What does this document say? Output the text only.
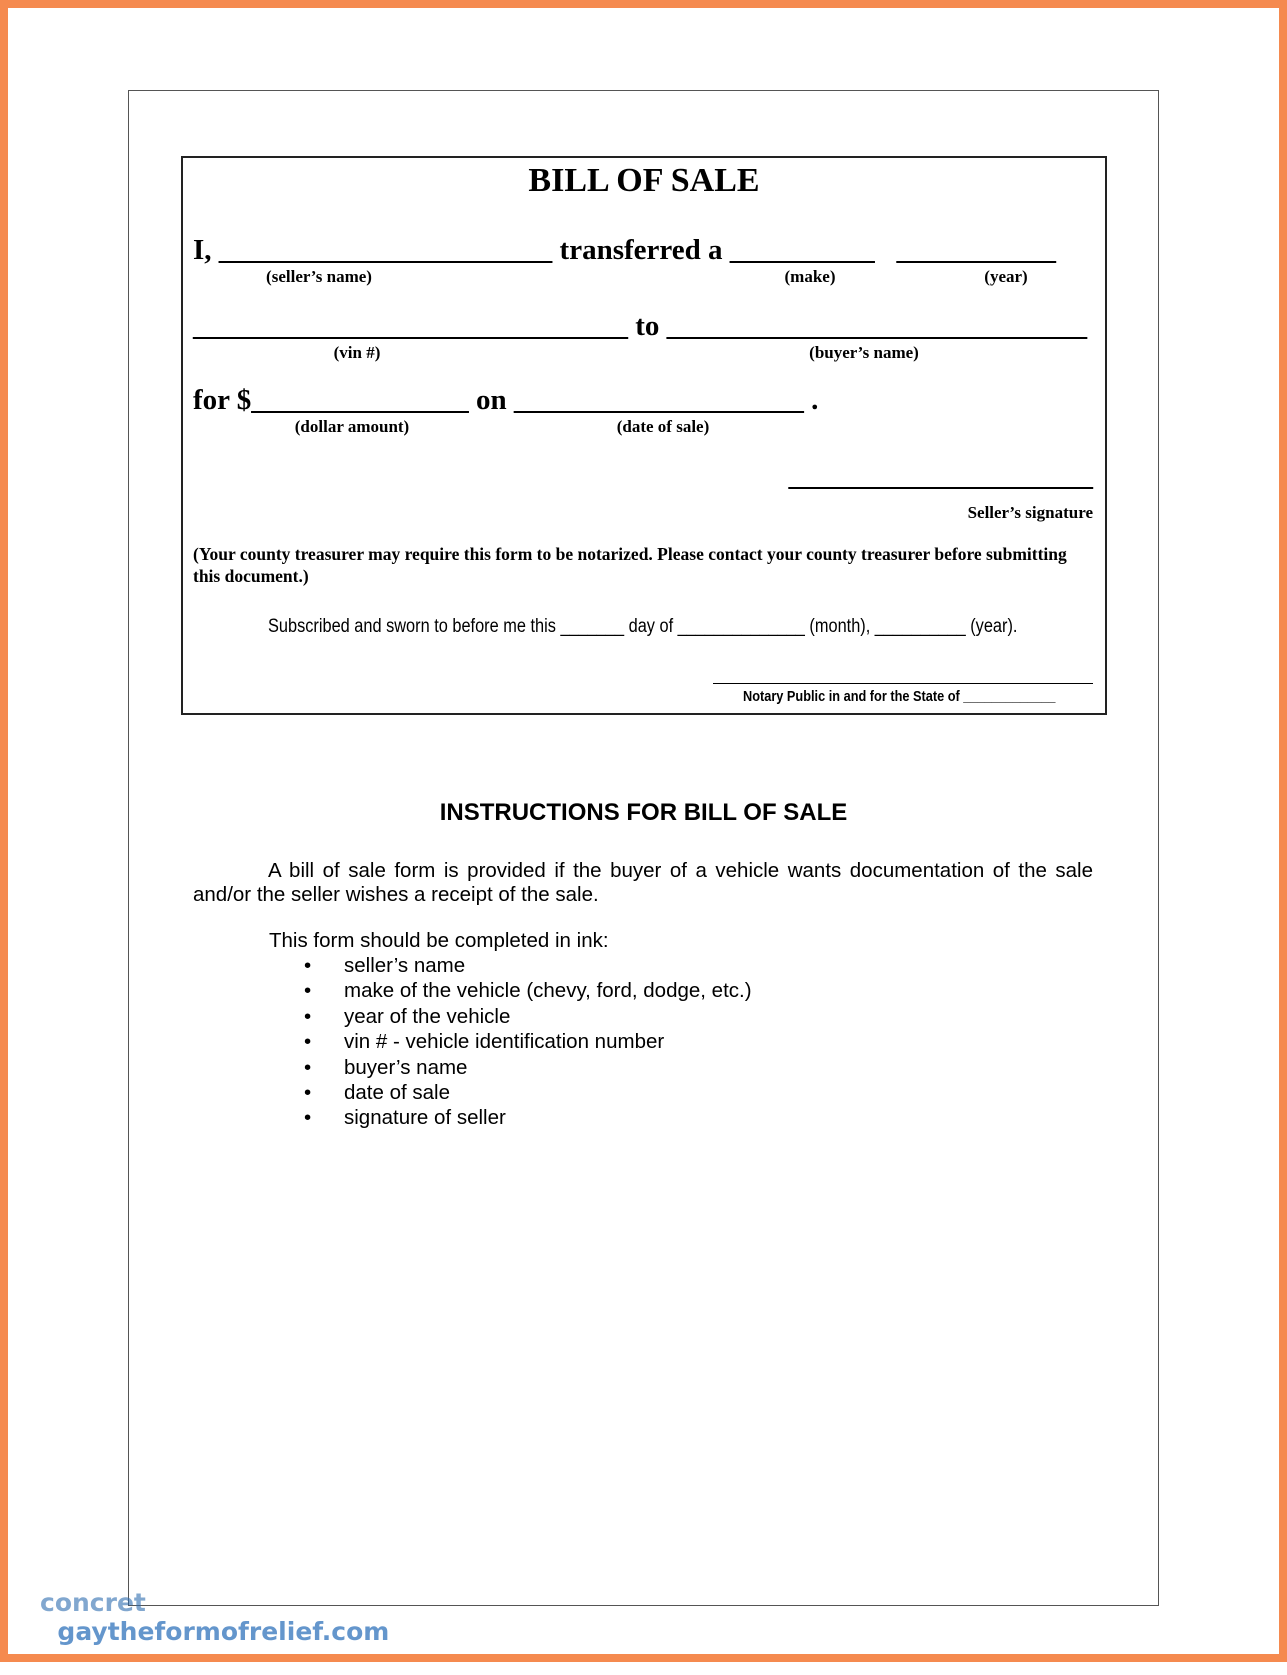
BILL OF SALE
I, _______________________ transferred a __________   ___________
(seller’s name)	(make)	(year)
______________________________ to _____________________________
(vin #)	(buyer’s name)
for $_______________ on ____________________ .
(dollar amount)	(date of sale)
_____________________
Seller’s signature
(Your county treasurer may require this form to be notarized. Please contact your county treasurer before submitting this document.)
Subscribed and sworn to before me this _______ day of ______________ (month), __________ (year).
Notary Public in and for the State of _____________
INSTRUCTIONS FOR BILL OF SALE
A bill of sale form is provided if the buyer of a vehicle wants documentation of the sale and/or the seller wishes a receipt of the sale.
This form should be completed in ink:
• seller’s name
• make of the vehicle (chevy, ford, dodge, etc.)
• year of the vehicle
• vin # - vehicle identification number
• buyer’s name
• date of sale
• signature of seller

gaytheformofrelief.com

concret
